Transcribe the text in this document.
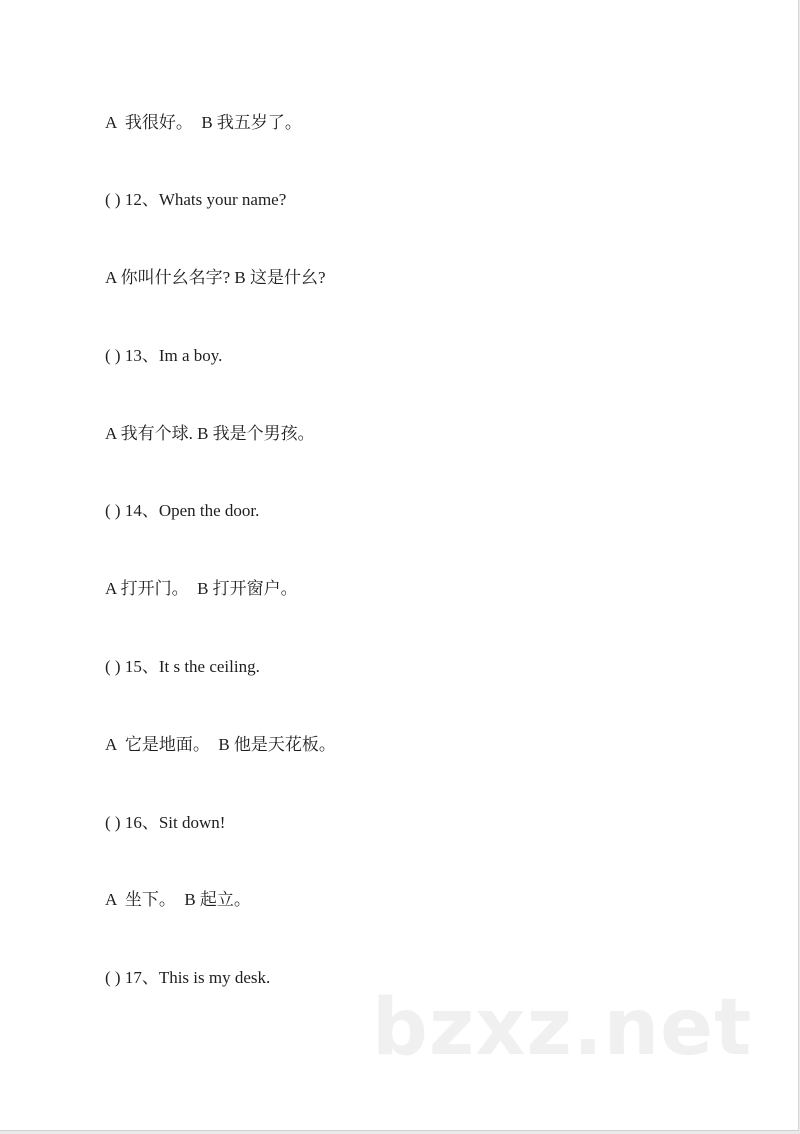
A  我很好。  B 我五岁了。
( ) 12、Whats your name?
A 你叫什幺名字? B 这是什幺?
( ) 13、Im a boy.
A 我有个球. B 我是个男孩。
( ) 14、Open the door.
A 打开门。  B 打开窗户。
( ) 15、It s the ceiling.
A  它是地面。  B 他是天花板。
( ) 16、Sit down!
A  坐下。  B 起立。
( ) 17、This is my desk.
bzxz.net
